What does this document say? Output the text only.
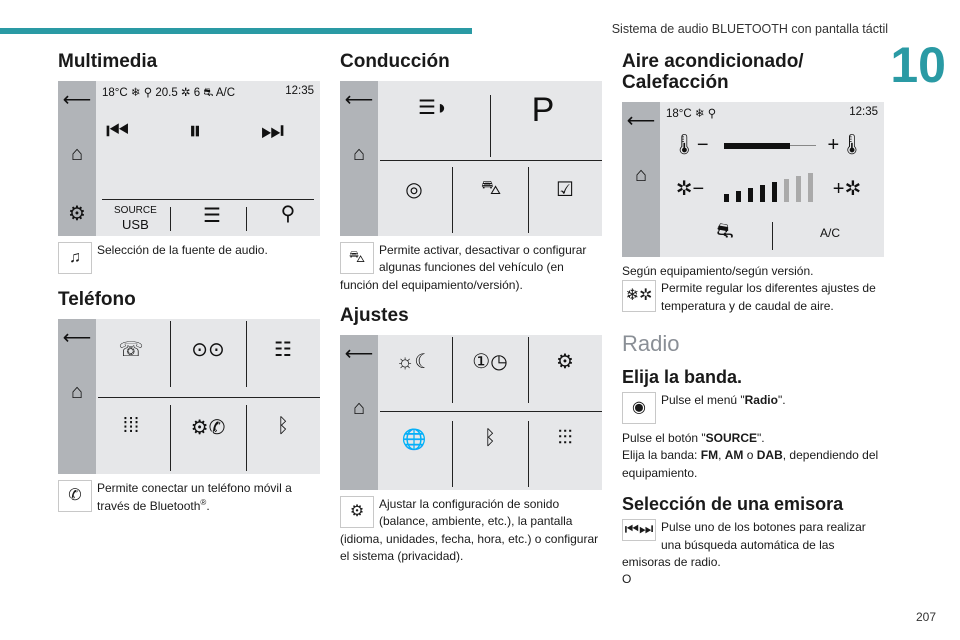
Sistema de audio BLUETOOTH con pantalla táctil
10
207
Multimedia
⟵
⌂
⚙
18°C ❄ ⚲ 20.5 ✲ 6 ⛐ A/C	12:35
⏮ ⏸ ⏭
SOURCE
USB	☰	⚲
♫	Selección de la fuente de audio.
Teléfono
⟵
⌂
☏	⊙⊙	☷
⁞⁞⁞	⚙✆	ᛒ
✆	Permite conectar un teléfono móvil a través de Bluetooth®.
Conducción
⟵
⌂
☰◗	P
◎	⛍	☑
⛍	Permite activar, desactivar o configurar algunas funciones del vehículo (en función del equipamiento/versión).
Ajustes
⟵
⌂
☼☾	①◷	⚙
🌐	ᛒ	⫶⫶⫶
⚙	Ajustar la configuración de sonido (balance, ambiente, etc.), la pantalla (idioma, unidades, fecha, hora, etc.) o configurar el sistema (privacidad).
Aire acondicionado/ Calefacción
⟵
⌂
18°C ❄ ⚲	12:35
🌡−	+🌡
✲−	+✲
⛐	A/C
Según equipamiento/según versión.
❄✲ Permite regular los diferentes ajustes de temperatura y de caudal de aire.
Radio
Elija la banda.
◉	Pulse el menú "Radio".
Pulse el botón "SOURCE".
Elija la banda: FM, AM o DAB, dependiendo del equipamiento.
Selección de una emisora
⏮⏭ Pulse uno de los botones para realizar una búsqueda automática de las emisoras de radio.
O
